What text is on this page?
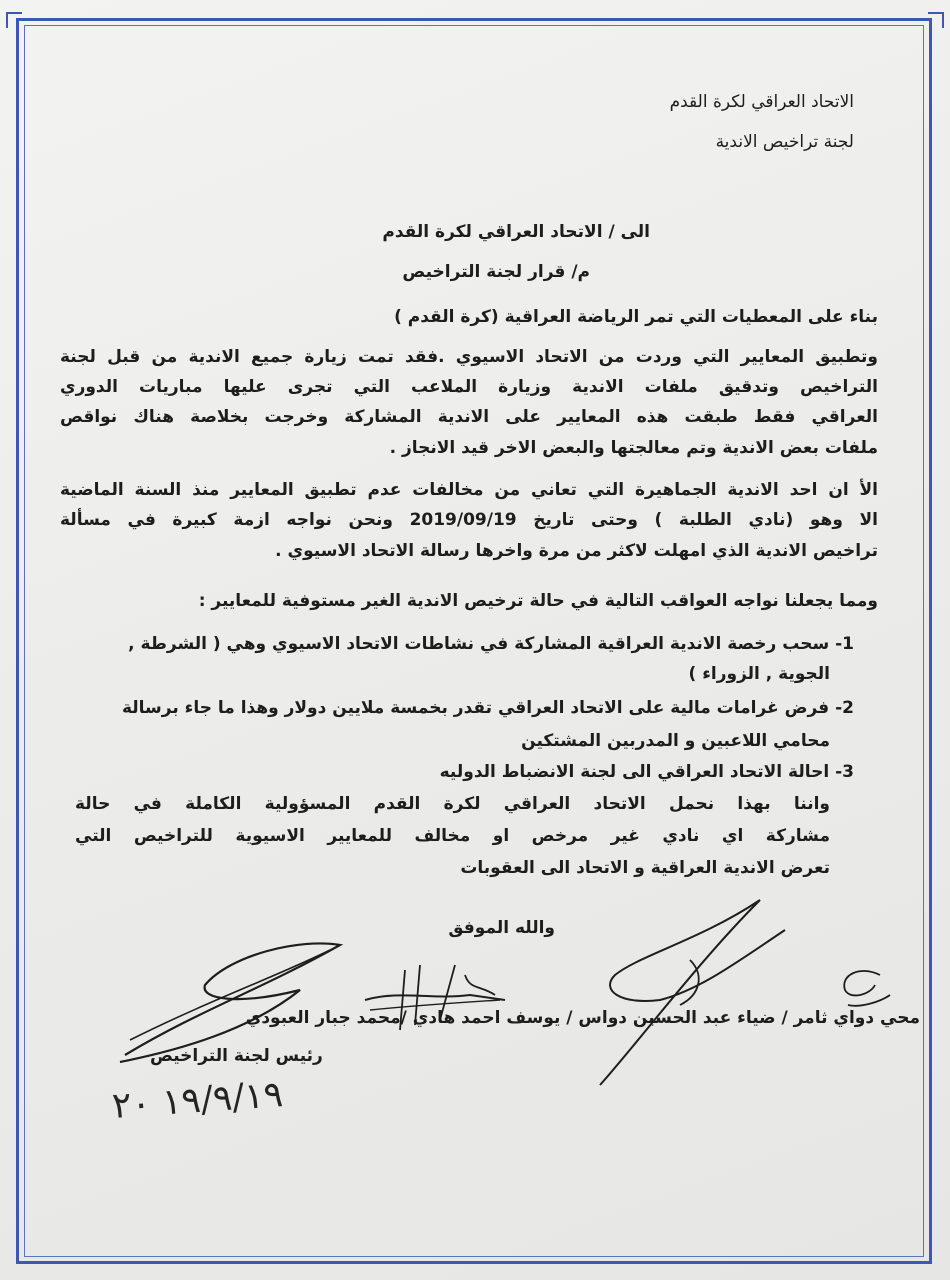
الاتحاد العراقي لكرة القدم
لجنة تراخيص الاندية
الى / الاتحاد العراقي لكرة القدم
م/ قرار لجنة التراخيص
بناء على المعطيات التي تمر الرياضة العراقية (كرة القدم )
وتطبيق المعايير التي وردت من الاتحاد الاسيوي .فقد تمت زيارة جميع الاندية من قبل لجنة
التراخيص وتدقيق ملفات الاندية وزيارة الملاعب التي تجرى عليها مباريات الدوري
العراقي فقط طبقت هذه المعايير على الاندية المشاركة وخرجت بخلاصة هناك نواقص
ملفات بعض الاندية وتم معالجتها والبعض الاخر قيد الانجاز .
الأ ان احد الاندية الجماهيرة التي تعاني من مخالفات عدم تطبيق المعايير منذ السنة الماضية
الا وهو (نادي الطلبة ) وحتى تاريخ 2019/09/19 ونحن نواجه ازمة كبيرة في مسألة
تراخيص الاندية الذي امهلت لاكثر من مرة واخرها رسالة الاتحاد الاسيوي .
ومما يجعلنا نواجه العواقب التالية في حالة ترخيص الاندية الغير مستوفية للمعايير :
1- سحب رخصة الاندية العراقية المشاركة في نشاطات الاتحاد الاسيوي وهي ( الشرطة ,
الجوية , الزوراء )
2- فرض غرامات مالية على الاتحاد العراقي تقدر بخمسة ملايين دولار وهذا ما جاء برسالة
محامي اللاعبين و المدربين المشتكين
3- احالة الاتحاد العراقي الى لجنة الانضباط الدوليه
واننا بهذا نحمل الاتحاد العراقي لكرة القدم المسؤولية الكاملة في حالة
مشاركة اي نادي غير مرخص او مخالف للمعايير الاسيوية للتراخيص التي
تعرض الاندية العراقية و الاتحاد الى العقوبات
والله الموفق
محي دواي ثامر / ضياء عبد الحسين دواس / يوسف احمد هادي /محمد جبار العبودي
رئيس لجنة التراخيص
١٩/٩/١٩ ٢٠
